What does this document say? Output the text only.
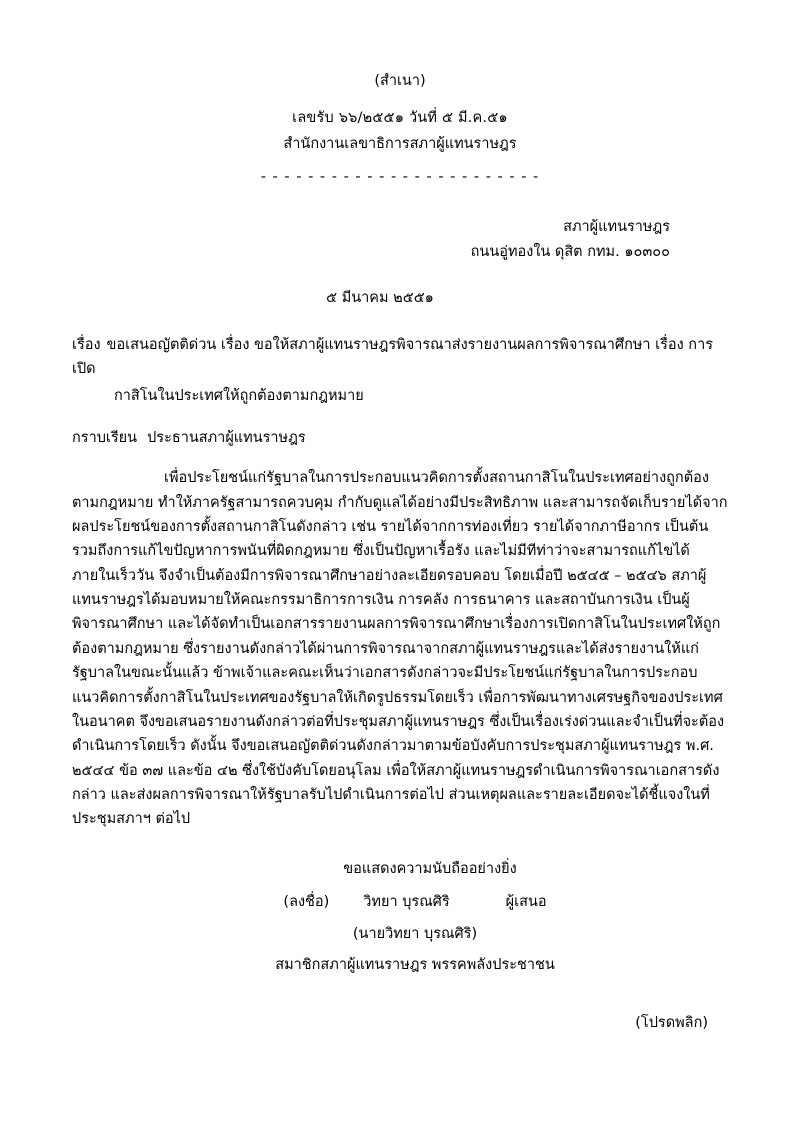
(สำเนา)
เลขรับ ๖๖/๒๕๕๑ วันที่ ๕ มี.ค.๕๑
สำนักงานเลขาธิการสภาผู้แทนราษฎร
- - - - - - - - - - - - - - - - - - - - - - - -
สภาผู้แทนราษฎร
ถนนอู่ทองใน ดุสิต กทม. ๑๐๓๐๐
๕ มีนาคม ๒๕๕๑
เรื่อง ขอเสนอญัตติด่วน เรื่อง ขอให้สภาผู้แทนราษฎรพิจารณาส่งรายงานผลการพิจารณาศึกษา เรื่อง การเปิด
กาสิโนในประเทศให้ถูกต้องตามกฎหมาย
กราบเรียน ประธานสภาผู้แทนราษฎร
เพื่อประโยชน์แก่รัฐบาลในการประกอบแนวคิดการตั้งสถานกาสิโนในประเทศอย่างถูกต้องตามกฎหมาย ทำให้ภาครัฐสามารถควบคุม กำกับดูแลได้อย่างมีประสิทธิภาพ และสามารถจัดเก็บรายได้จากผลประโยชน์ของการตั้งสถานกาสิโนดังกล่าว เช่น รายได้จากการท่องเที่ยว รายได้จากภาษีอากร เป็นต้น รวมถึงการแก้ไขปัญหาการพนันที่ผิดกฎหมาย ซึ่งเป็นปัญหาเรื้อรัง และไม่มีทีท่าว่าจะสามารถแก้ไขได้ภายในเร็ววัน จึงจำเป็นต้องมีการพิจารณาศึกษาอย่างละเอียดรอบคอบ โดยเมื่อปี ๒๕๔๕ – ๒๕๔๖ สภาผู้แทนราษฎรได้มอบหมายให้คณะกรรมาธิการการเงิน การคลัง การธนาคาร และสถาบันการเงิน เป็นผู้พิจารณาศึกษา และได้จัดทำเป็นเอกสารรายงานผลการพิจารณาศึกษาเรื่องการเปิดกาสิโนในประเทศให้ถูกต้องตามกฎหมาย ซึ่งรายงานดังกล่าวได้ผ่านการพิจารณาจากสภาผู้แทนราษฎรและได้ส่งรายงานให้แก่รัฐบาลในขณะนั้นแล้ว ข้าพเจ้าและคณะเห็นว่าเอกสารดังกล่าวจะมีประโยชน์แก่รัฐบาลในการประกอบแนวคิดการตั้งกาสิโนในประเทศของรัฐบาลให้เกิดรูปธรรมโดยเร็ว เพื่อการพัฒนาทางเศรษฐกิจของประเทศในอนาคต จึงขอเสนอรายงานดังกล่าวต่อที่ประชุมสภาผู้แทนราษฎร ซึ่งเป็นเรื่องเร่งด่วนและจำเป็นที่จะต้องดำเนินการโดยเร็ว ดังนั้น จึงขอเสนอญัตติด่วนดังกล่าวมาตามข้อบังคับการประชุมสภาผู้แทนราษฎร พ.ศ. ๒๕๔๔ ข้อ ๓๗ และข้อ ๔๒ ซึ่งใช้บังคับโดยอนุโลม เพื่อให้สภาผู้แทนราษฎรดำเนินการพิจารณาเอกสารดังกล่าว และส่งผลการพิจารณาให้รัฐบาลรับไปดำเนินการต่อไป ส่วนเหตุผลและรายละเอียดจะได้ชี้แจงในที่ประชุมสภาฯ ต่อไป
ขอแสดงความนับถืออย่างยิ่ง
(ลงชื่อ) วิทยา บุรณศิริ	ผู้เสนอ
(นายวิทยา บุรณศิริ)
สมาชิกสภาผู้แทนราษฎร พรรคพลังประชาชน
(โปรดพลิก)
